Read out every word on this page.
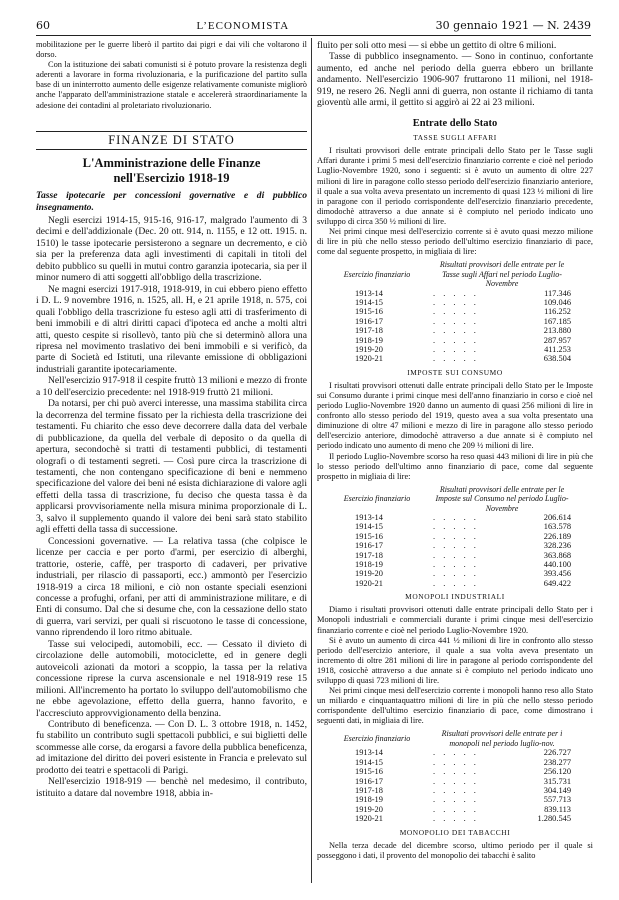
60	L’ECONOMISTA	30 gennaio 1921 — N. 2439

mobilitazione per le guerre liberò il partito dai pigri e dai vili che voltarono il dorso.

Con la istituzione dei sabati comunisti si è potuto provare la resistenza degli aderenti a lavorare in forma rivoluzionaria, e la purificazione del partito sulla base di un ininterrotto aumento delle esigenze relativamente comuniste migliorò anche l'apparato dell'amministrazione statale e accelererà straordinariamente la adesione dei contadini al proletariato rivoluzionario.

FINANZE DI STATO
L'Amministrazione delle Finanze
nell'Esercizio 1918-19

Tasse ipotecarie per concessioni governative e di pubblico insegnamento.

Negli esercizi 1914-15, 915-16, 916-17, malgrado l'aumento di 3 decimi e dell'addizionale (Dec. 20 ott. 914, n. 1155, e 12 ott. 1915. n. 1510) le tasse ipotecarie persisterono a segnare un decremento, e ciò sia per la preferenza data agli investimenti di capitali in titoli del debito pubblico su quelli in mutui contro garanzia ipotecaria, sia per il minor numero di atti soggetti all'obbligo della trascrizione.

Ne magni esercizi 1917-918, 1918-919, in cui ebbero pieno effetto i D. L. 9 novembre 1916, n. 1525, all. H, e 21 aprile 1918, n. 575, coi quali l'obbligo della trascrizione fu esteso agli atti di trasferimento di beni immobili e di altri diritti capaci d'ipoteca ed anche a molti altri atti, questo cespite si risollevò, tanto più che si determinò allora una ripresa nel movimento traslativo dei beni immobili e si verificò, da parte di Società ed Istituti, una rilevante emissione di obbligazioni industriali garantite ipotecariamente.

Nell'esercizio 917-918 il cespite fruttò 13 milioni e mezzo di fronte a 10 dell'esercizio precedente: nel 1918-919 fruttò 21 milioni.

Da notarsi, per chi può averci interesse, una massima stabilita circa la decorrenza del termine fissato per la richiesta della trascrizione dei testamenti. Fu chiarito che esso deve decorrere dalla data del verbale di pubblicazione, da quella del verbale di deposito o da quella di apertura, secondochè si tratti di testamenti pubblici, di testamenti olografi o di testamenti segreti. — Così pure circa la trascrizione di testamenti, che non contengano specificazione di beni e nemmeno specificazione del valore dei beni né esista dichiarazione di valore agli effetti della tassa di trascrizione, fu deciso che questa tassa è da applicarsi provvisoriamente nella misura minima proporzionale di L. 3, salvo il supplemento quando il valore dei beni sarà stato stabilito agli effetti della tassa di successione.

Concessioni governative. — La relativa tassa (che colpisce le licenze per caccia e per porto d'armi, per esercizio di alberghi, trattorie, osterie, caffè, per trasporto di cadaveri, per privative industriali, per rilascio di passaporti, ecc.) ammontò per l'esercizio 1918-919 a circa 18 milioni, e ciò non ostante speciali esenzioni concesse a profughi, orfani, per atti di amministrazione militare, e di Enti di consumo. Dal che si desume che, con la cessazione dello stato di guerra, vari servizi, per quali si riscuotono le tasse di concessione, vanno riprendendo il loro ritmo abituale.

Tasse sui velocipedi, automobili, ecc. — Cessato il divieto di circolazione delle automobili, motociclette, ed in genere degli autoveicoli azionati da motori a scoppio, la tassa per la relativa concessione riprese la curva ascensionale e nel 1918-919 rese 15 milioni. All'incremento ha portato lo sviluppo dell'automobilismo che ne ebbe agevolazione, effetto della guerra, hanno favorito, e l'accresciuto approvvigionamento della benzina.

Contributo di beneficenza. — Con D. L. 3 ottobre 1918, n. 1452, fu stabilito un contributo sugli spettacoli pubblici, e sui biglietti delle scommesse alle corse, da erogarsi a favore della pubblica beneficenza, ad imitazione del diritto dei poveri esistente in Francia e prelevato sul prodotto dei teatri e spettacoli di Parigi.

Nell'esercizio 1918-919 — benchè nel medesimo, il contributo, istituito a datare dal novembre 1918, abbia in-

fluito per soli otto mesi — si ebbe un gettito di oltre 6 milioni.

Tasse di pubblico insegnamento. — Sono in continuo, confortante aumento, ed anche nel periodo della guerra ebbero un brillante andamento. Nell'esercizio 1906-907 fruttarono 11 milioni, nel 1918-919, ne resero 26. Negli anni di guerra, non ostante il richiamo di tanta gioventù alle armi, il gettito si aggirò ai 22 ai 23 milioni.

Entrate dello Stato
TASSE SUGLI AFFARI

I risultati provvisori delle entrate principali dello Stato per le Tasse sugli Affari durante i primi 5 mesi dell'esercizio finanziario corrente e cioè nel periodo Luglio-Novembre 1920, sono i seguenti: si è avuto un aumento di oltre 227 milioni di lire in paragone collo stesso periodo dell'esercizio finanziario anteriore, il quale a sua volta aveva presentato un incremento di quasi 123 ½ milioni di lire in paragone con il periodo corrispondente dell'esercizio finanziario precedente, dimodochè attraverso a due annate si è compiuto nel periodo indicato uno sviluppo di circa 350 ½ milioni di lire.

Nei primi cinque mesi dell'esercizio corrente si è avuto quasi mezzo milione di lire in più che nello stesso periodo dell'ultimo esercizio finanziario di pace, come dal seguente prospetto, in migliaia di lire:

Esercizio finanziario	Risultati provvisori delle entrate per le Tasse sugli Affari nel periodo Luglio-Novembre	
1913-14	. . . . .	117.346
1914-15	. . . . .	109.046
1915-16	. . . . .	116.252
1916-17	. . . . .	167.185
1917-18	. . . . .	213.880
1918-19	. . . . .	287.957
1919-20	. . . . .	411.253
1920-21	. . . . .	638.504
IMPOSTE SUI CONSUMO

I risultati provvisori ottenuti dalle entrate principali dello Stato per le Imposte sui Consumo durante i primi cinque mesi dell'anno finanziario in corso e cioè nel periodo Luglio-Novembre 1920 danno un aumento di quasi 256 milioni di lire in confronto allo stesso periodo del 1919, questo avea a sua volta presentato una diminuzione di oltre 47 milioni e mezzo di lire in paragone allo stesso periodo dell'esercizio anteriore, dimodochè attraverso a due annate si è compiuto nel periodo indicato uno aumento di meno che 209 ½ milioni di lire.

Il periodo Luglio-Novembre scorso ha reso quasi 443 milioni di lire in più che lo stesso periodo dell'ultimo anno finanziario di pace, come dal seguente prospetto in migliaia di lire:

Esercizio finanziario	Risultati provvisori delle entrate per le Imposte sul Consumo nel periodo Luglio-Novembre	
1913-14	. . . . .	206.614
1914-15	. . . . .	163.578
1915-16	. . . . .	226.189
1916-17	. . . . .	328.236
1917-18	. . . . .	363.868
1918-19	. . . . .	440.100
1919-20	. . . . .	393.456
1920-21	. . . . .	649.422
MONOPOLI INDUSTRIALI

Diamo i risultati provvisori ottenuti dalle entrate principali dello Stato per i Monopoli industriali e commerciali durante i primi cinque mesi dell'esercizio finanziario corrente e cioè nel periodo Luglio-Novembre 1920.

Si è avuto un aumento di circa 441 ½ milioni di lire in confronto allo stesso periodo dell'esercizio anteriore, il quale a sua volta aveva presentato un incremento di oltre 281 milioni di lire in paragone al periodo corrispondente del 1918, cosicchè attraverso a due annate si è compiuto nel periodo indicato uno sviluppo di quasi 723 milioni di lire.

Nei primi cinque mesi dell'esercizio corrente i monopoli hanno reso allo Stato un miliardo e cinquantaquattro milioni di lire in più che nello stesso periodo corrispondente dell'ultimo esercizio finanziario di pace, come dimostrano i seguenti dati, in migliaia di lire.

Esercizio finanziario	Risultati provvisori delle entrate per i monopoli nel periodo luglio-nov.	
1913-14	. . . . .	226.727
1914-15	. . . . .	238.277
1915-16	. . . . .	256.120
1916-17	. . . . .	315.731
1917-18	. . . . .	304.149
1918-19	. . . . .	557.713
1919-20	. . . . .	839.113
1920-21	. . . . .	1.280.545
MONOPOLIO DEI TABACCHI

Nella terza decade del dicembre scorso, ultimo periodo per il quale si posseggono i dati, il provento del monopolio dei tabacchi è salito
